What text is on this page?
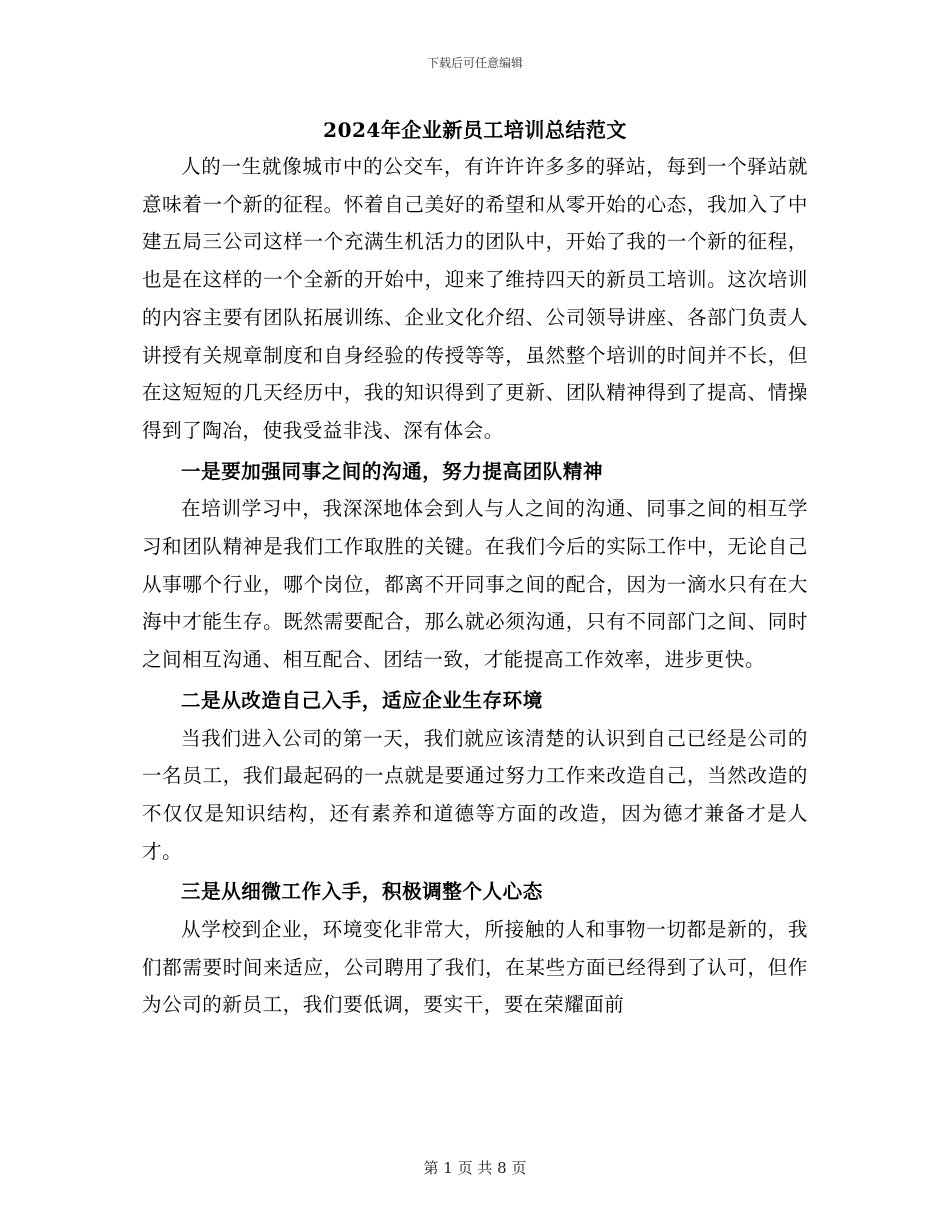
下载后可任意编辑
2024年企业新员工培训总结范文

人的一生就像城市中的公交车，有许许许多多的驿站，每到一个驿站就意味着一个新的征程。怀着自己美好的希望和从零开始的心态，我加入了中建五局三公司这样一个充满生机活力的团队中，开始了我的一个新的征程，也是在这样的一个全新的开始中，迎来了维持四天的新员工培训。这次培训的内容主要有团队拓展训练、企业文化介绍、公司领导讲座、各部门负责人讲授有关规章制度和自身经验的传授等等，虽然整个培训的时间并不长，但在这短短的几天经历中，我的知识得到了更新、团队精神得到了提高、情操得到了陶冶，使我受益非浅、深有体会。

一是要加强同事之间的沟通，努力提高团队精神

在培训学习中，我深深地体会到人与人之间的沟通、同事之间的相互学习和团队精神是我们工作取胜的关键。在我们今后的实际工作中，无论自己从事哪个行业，哪个岗位，都离不开同事之间的配合，因为一滴水只有在大海中才能生存。既然需要配合，那么就必须沟通，只有不同部门之间、同时之间相互沟通、相互配合、团结一致，才能提高工作效率，进步更快。

二是从改造自己入手，适应企业生存环境

当我们进入公司的第一天，我们就应该清楚的认识到自己已经是公司的一名员工，我们最起码的一点就是要通过努力工作来改造自己，当然改造的不仅仅是知识结构，还有素养和道德等方面的改造，因为德才兼备才是人才。

三是从细微工作入手，积极调整个人心态

从学校到企业，环境变化非常大，所接触的人和事物一切都是新的，我们都需要时间来适应，公司聘用了我们，在某些方面已经得到了认可，但作为公司的新员工，我们要低调，要实干，要在荣耀面前

第 1 页 共 8 页
